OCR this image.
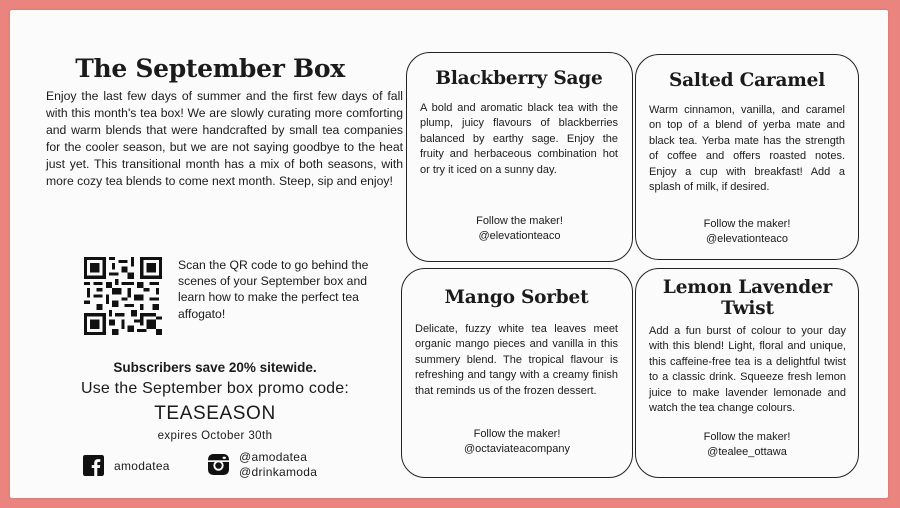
The September Box
Enjoy the last few days of summer and the first few days of fall with this month's tea box! We are slowly curating more comforting and warm blends that were handcrafted by small tea companies for the cooler season, but we are not saying goodbye to the heat just yet. This transitional month has a mix of both seasons, with more cozy tea blends to come next month. Steep, sip and enjoy!
Scan the QR code to go behind the scenes of your September box and learn how to make the perfect tea affogato!
Subscribers save 20% sitewide.
Use the September box promo code:
TEASEASON
expires October 30th
amodatea
@amodatea
@drinkamoda
Blackberry Sage
A bold and aromatic black tea with the plump, juicy flavours of blackberries balanced by earthy sage. Enjoy the fruity and herbaceous combination hot or try it iced on a sunny day.
Follow the maker!
@elevationteaco
Salted Caramel
Warm cinnamon, vanilla, and caramel on top of a blend of yerba mate and black tea. Yerba mate has the strength of coffee and offers roasted notes. Enjoy a cup with breakfast! Add a splash of milk, if desired.
Follow the maker!
@elevationteaco
Mango Sorbet
Delicate, fuzzy white tea leaves meet organic mango pieces and vanilla in this summery blend. The tropical flavour is refreshing and tangy with a creamy finish that reminds us of the frozen dessert.
Follow the maker!
@octaviateacompany
Lemon Lavender Twist
Add a fun burst of colour to your day with this blend! Light, floral and unique, this caffeine-free tea is a delightful twist to a classic drink. Squeeze fresh lemon juice to make lavender lemonade and watch the tea change colours.
Follow the maker!
@tealee_ottawa
